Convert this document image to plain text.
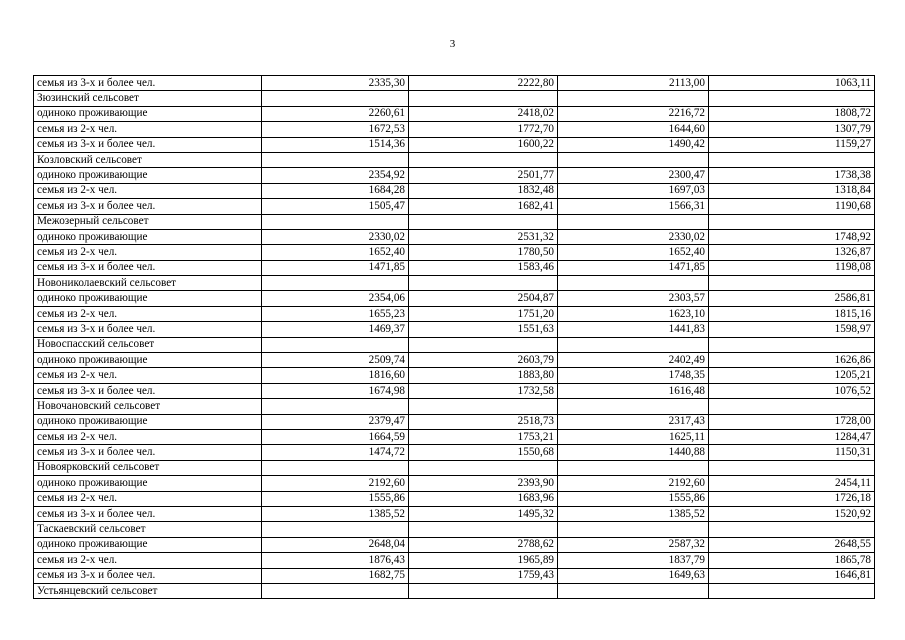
3
семья из 3-х и более чел.	2335,30	2222,80	2113,00	1063,11
Зюзинский сельсовет				
одиноко проживающие	2260,61	2418,02	2216,72	1808,72
семья из 2-х чел.	1672,53	1772,70	1644,60	1307,79
семья из 3-х и более чел.	1514,36	1600,22	1490,42	1159,27
Козловский сельсовет				
одиноко проживающие	2354,92	2501,77	2300,47	1738,38
семья из 2-х чел.	1684,28	1832,48	1697,03	1318,84
семья из 3-х и более чел.	1505,47	1682,41	1566,31	1190,68
Межозерный сельсовет				
одиноко проживающие	2330,02	2531,32	2330,02	1748,92
семья из 2-х чел.	1652,40	1780,50	1652,40	1326,87
семья из 3-х и более чел.	1471,85	1583,46	1471,85	1198,08
Новониколаевский сельсовет				
одиноко проживающие	2354,06	2504,87	2303,57	2586,81
семья из 2-х чел.	1655,23	1751,20	1623,10	1815,16
семья из 3-х и более чел.	1469,37	1551,63	1441,83	1598,97
Новоспасский сельсовет				
одиноко проживающие	2509,74	2603,79	2402,49	1626,86
семья из 2-х чел.	1816,60	1883,80	1748,35	1205,21
семья из 3-х и более чел.	1674,98	1732,58	1616,48	1076,52
Новочановский сельсовет				
одиноко проживающие	2379,47	2518,73	2317,43	1728,00
семья из 2-х чел.	1664,59	1753,21	1625,11	1284,47
семья из 3-х и более чел.	1474,72	1550,68	1440,88	1150,31
Новоярковский сельсовет				
одиноко проживающие	2192,60	2393,90	2192,60	2454,11
семья из 2-х чел.	1555,86	1683,96	1555,86	1726,18
семья из 3-х и более чел.	1385,52	1495,32	1385,52	1520,92
Таскаевский сельсовет				
одиноко проживающие	2648,04	2788,62	2587,32	2648,55
семья из 2-х чел.	1876,43	1965,89	1837,79	1865,78
семья из 3-х и более чел.	1682,75	1759,43	1649,63	1646,81
Устьянцевский сельсовет				
